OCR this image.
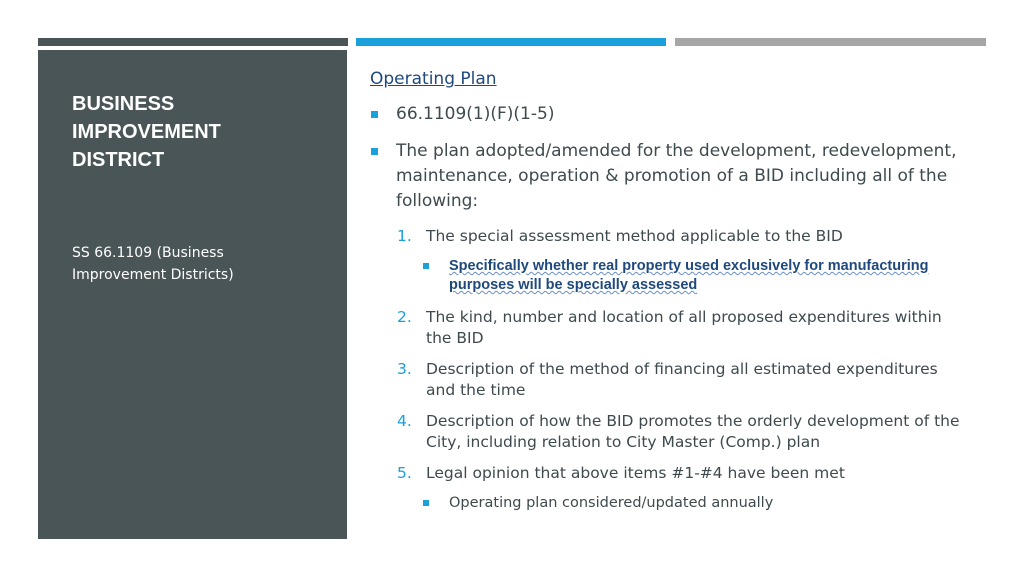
BUSINESS
IMPROVEMENT
DISTRICT
SS 66.1109 (Business
Improvement Districts)
Operating Plan
66.1109(1)(F)(1-5)
The plan adopted/amended for the development, redevelopment, maintenance, operation & promotion of a BID including all of the following:
1. The special assessment method applicable to the BID
Specifically whether real property used exclusively for manufacturing purposes will be specially assessed
2. The kind, number and location of all proposed expenditures within the BID
3. Description of the method of financing all estimated expenditures and the time
4. Description of how the BID promotes the orderly development of the City, including relation to City Master (Comp.) plan
5. Legal opinion that above items #1-#4 have been met
Operating plan considered/updated annually
